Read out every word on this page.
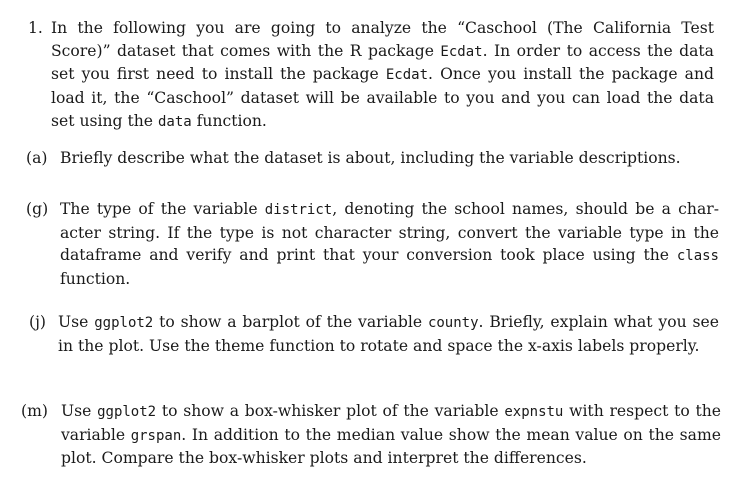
1. In the following you are going to analyze the “Caschool (The California Test Score)” dataset that comes with the R package Ecdat. In order to access the data set you first need to install the package Ecdat. Once you install the package and load it, the “Caschool” dataset will be available to you and you can load the data set using the data function.
(a) Briefly describe what the dataset is about, including the variable descriptions.
(g) The type of the variable district, denoting the school names, should be a character string. If the type is not character string, convert the variable type in the dataframe and verify and print that your conversion took place using the class function.
(j) Use ggplot2 to show a barplot of the variable county. Briefly, explain what you see in the plot. Use the theme function to rotate and space the x-axis labels properly.
(m) Use ggplot2 to show a box-whisker plot of the variable expnstu with respect to the variable grspan. In addition to the median value show the mean value on the same plot. Compare the box-whisker plots and interpret the differences.
